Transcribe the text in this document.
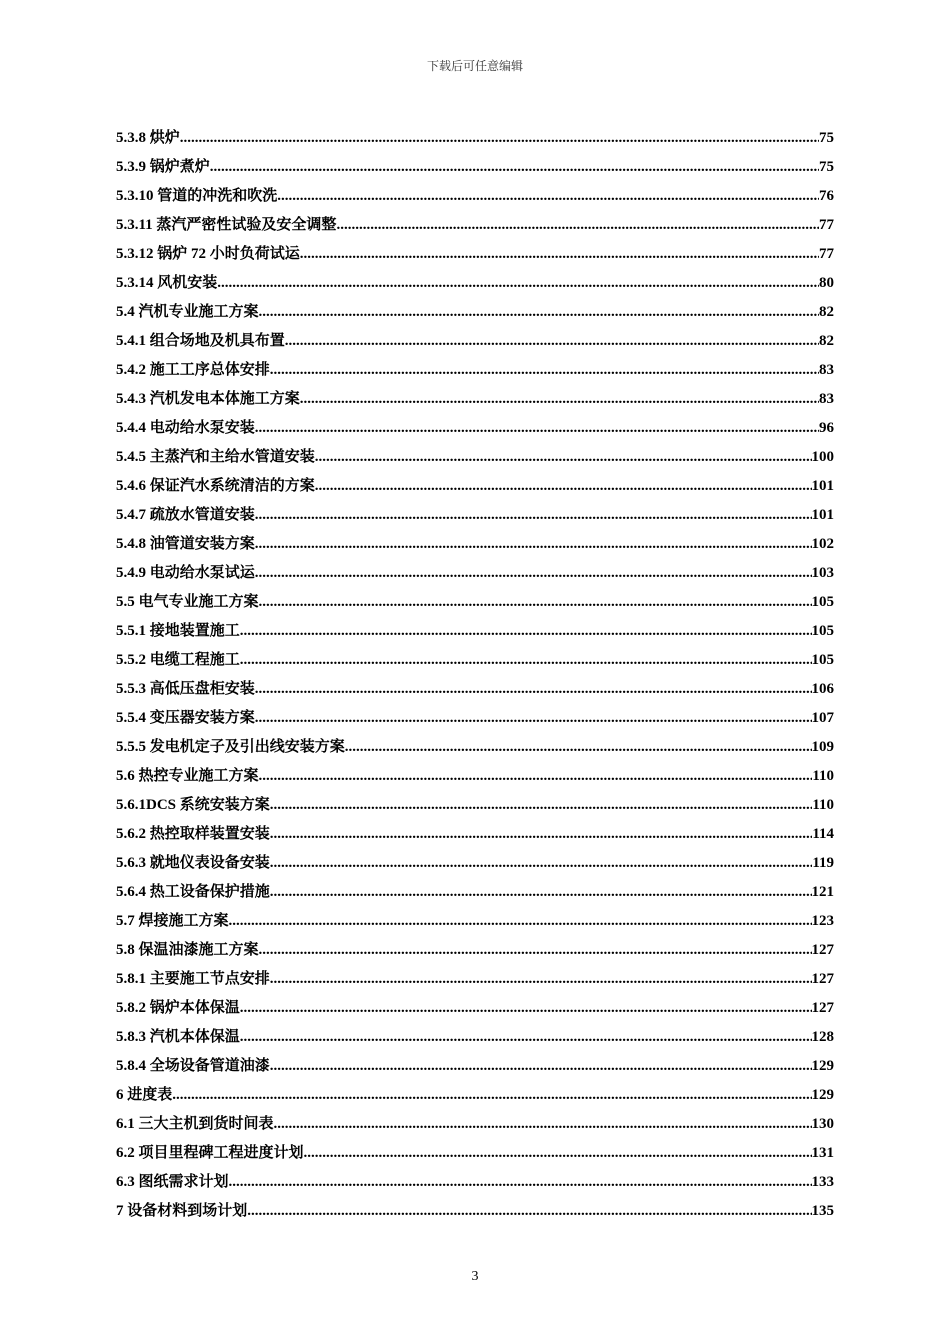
下载后可任意编辑
5.3.8 烘炉 .....	75
5.3.9 锅炉煮炉 .....	75
5.3.10 管道的冲洗和吹洗 .....	76
5.3.11 蒸汽严密性试验及安全调整 .....	77
5.3.12 锅炉 72 小时负荷试运 .....	77
5.3.14 风机安装 .....	80
5.4 汽机专业施工方案 .....	82
5.4.1 组合场地及机具布置 .....	82
5.4.2 施工工序总体安排 .....	83
5.4.3 汽机发电本体施工方案 .....	83
5.4.4 电动给水泵安装 .....	96
5.4.5 主蒸汽和主给水管道安装 .....	100
5.4.6 保证汽水系统清洁的方案 .....	101
5.4.7 疏放水管道安装 .....	101
5.4.8 油管道安装方案 .....	102
5.4.9 电动给水泵试运 .....	103
5.5 电气专业施工方案 .....	105
5.5.1 接地装置施工 .....	105
5.5.2 电缆工程施工 .....	105
5.5.3 高低压盘柜安装 .....	106
5.5.4 变压器安装方案 .....	107
5.5.5 发电机定子及引出线安装方案 .....	109
5.6 热控专业施工方案 .....	110
5.6.1DCS 系统安装方案 .....	110
5.6.2 热控取样装置安装 .....	114
5.6.3 就地仪表设备安装 .....	119
5.6.4 热工设备保护措施 .....	121
5.7 焊接施工方案 .....	123
5.8 保温油漆施工方案 .....	127
5.8.1 主要施工节点安排 .....	127
5.8.2 锅炉本体保温 .....	127
5.8.3 汽机本体保温 .....	128
5.8.4 全场设备管道油漆 .....	129
6 进度表 .....	129
6.1 三大主机到货时间表 .....	130
6.2 项目里程碑工程进度计划 .....	131
6.3 图纸需求计划 .....	133
7 设备材料到场计划 .....	135
3
